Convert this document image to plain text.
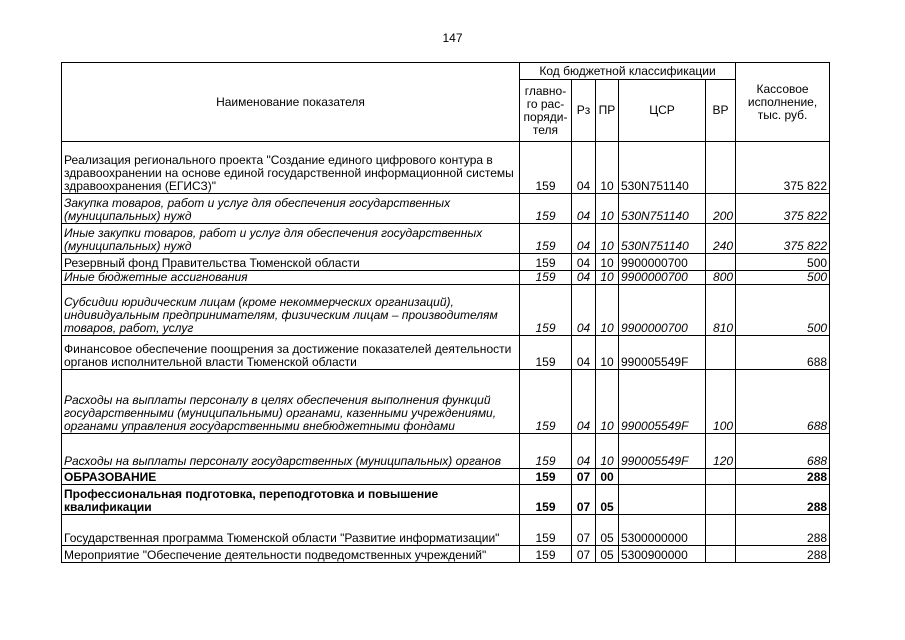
147
Наименование показателя	Код бюджетной классификации					Кассовое исполнение, тыс. руб.
	главно-го рас-поряди-теля	Рз	ПР	ЦСР	ВР	
Реализация регионального проекта "Создание единого цифрового контура в здравоохранении на основе единой государственной информационной системы здравоохранения (ЕГИСЗ)"	159	04	10	530N751140		375 822
Закупка товаров, работ и услуг для обеспечения государственных (муниципальных) нужд	159	04	10	530N751140	200	375 822
Иные закупки товаров, работ и услуг для обеспечения государственных (муниципальных) нужд	159	04	10	530N751140	240	375 822
Резервный фонд Правительства Тюменской области	159	04	10	9900000700		500
Иные бюджетные ассигнования	159	04	10	9900000700	800	500
Субсидии юридическим лицам (кроме некоммерческих организаций), индивидуальным предпринимателям, физическим лицам – производителям товаров, работ, услуг	159	04	10	9900000700	810	500
Финансовое обеспечение поощрения за достижение показателей деятельности органов исполнительной власти Тюменской области	159	04	10	990005549F		688
Расходы на выплаты персоналу в целях обеспечения выполнения функций государственными (муниципальными) органами, казенными учреждениями, органами управления государственными внебюджетными фондами	159	04	10	990005549F	100	688
Расходы на выплаты персоналу государственных (муниципальных) органов	159	04	10	990005549F	120	688
ОБРАЗОВАНИЕ	159	07	00			288
Профессиональная подготовка, переподготовка и повышение квалификации	159	07	05			288
Государственная программа Тюменской области "Развитие информатизации"	159	07	05	5300000000		288
Мероприятие "Обеспечение деятельности подведомственных учреждений"	159	07	05	5300900000		288
